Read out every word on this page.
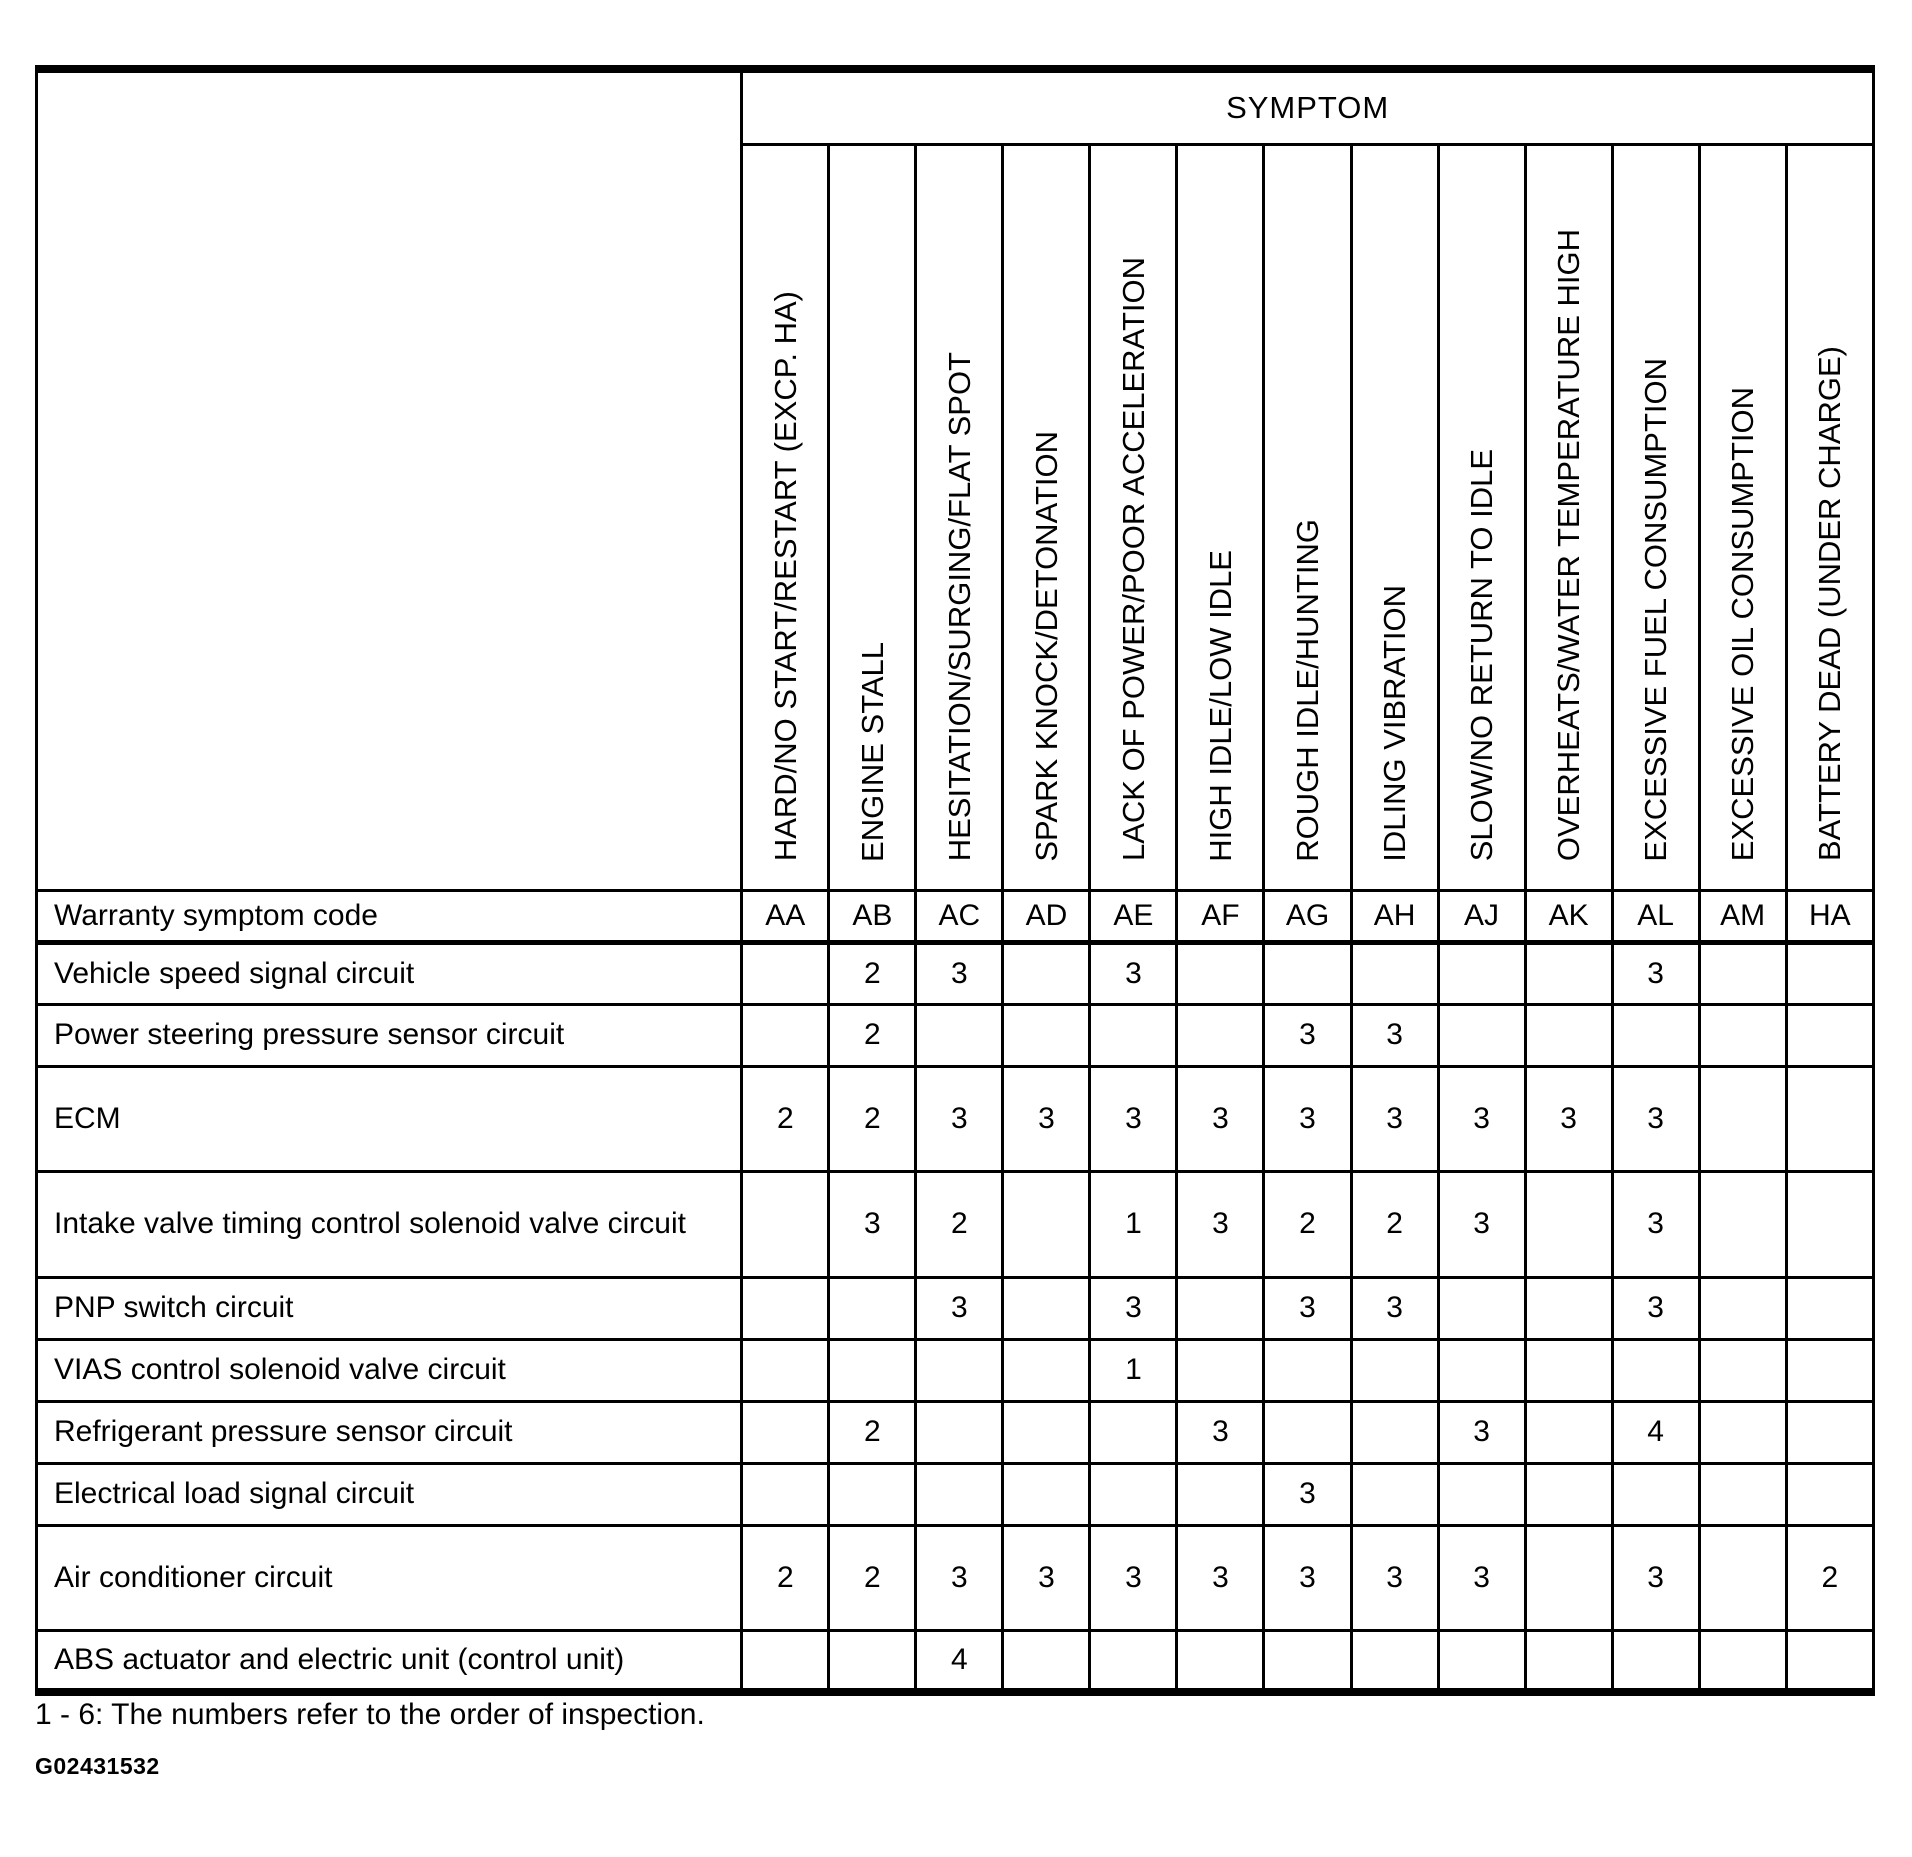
	SYMPTOM												
	HARD/NO START/RESTART (EXCP. HA)	ENGINE STALL	HESITATION/SURGING/FLAT SPOT	SPARK KNOCK/DETONATION	LACK OF POWER/POOR ACCELERATION	HIGH IDLE/LOW IDLE	ROUGH IDLE/HUNTING	IDLING VIBRATION	SLOW/NO RETURN TO IDLE	OVERHEATS/WATER TEMPERATURE HIGH	EXCESSIVE FUEL CONSUMPTION	EXCESSIVE OIL CONSUMPTION	BATTERY DEAD (UNDER CHARGE)
Warranty symptom code	AA	AB	AC	AD	AE	AF	AG	AH	AJ	AK	AL	AM	HA
Vehicle speed signal circuit		2	3		3						3		
Power steering pressure sensor circuit		2					3	3					
ECM	2	2	3	3	3	3	3	3	3	3	3		
Intake valve timing control solenoid valve circuit		3	2		1	3	2	2	3		3		
PNP switch circuit			3		3		3	3			3		
VIAS control solenoid valve circuit					1								
Refrigerant pressure sensor circuit		2				3			3		4		
Electrical load signal circuit							3						
Air conditioner circuit	2	2	3	3	3	3	3	3	3		3		2
ABS actuator and electric unit (control unit)			4										
1 - 6: The numbers refer to the order of inspection.
G02431532
